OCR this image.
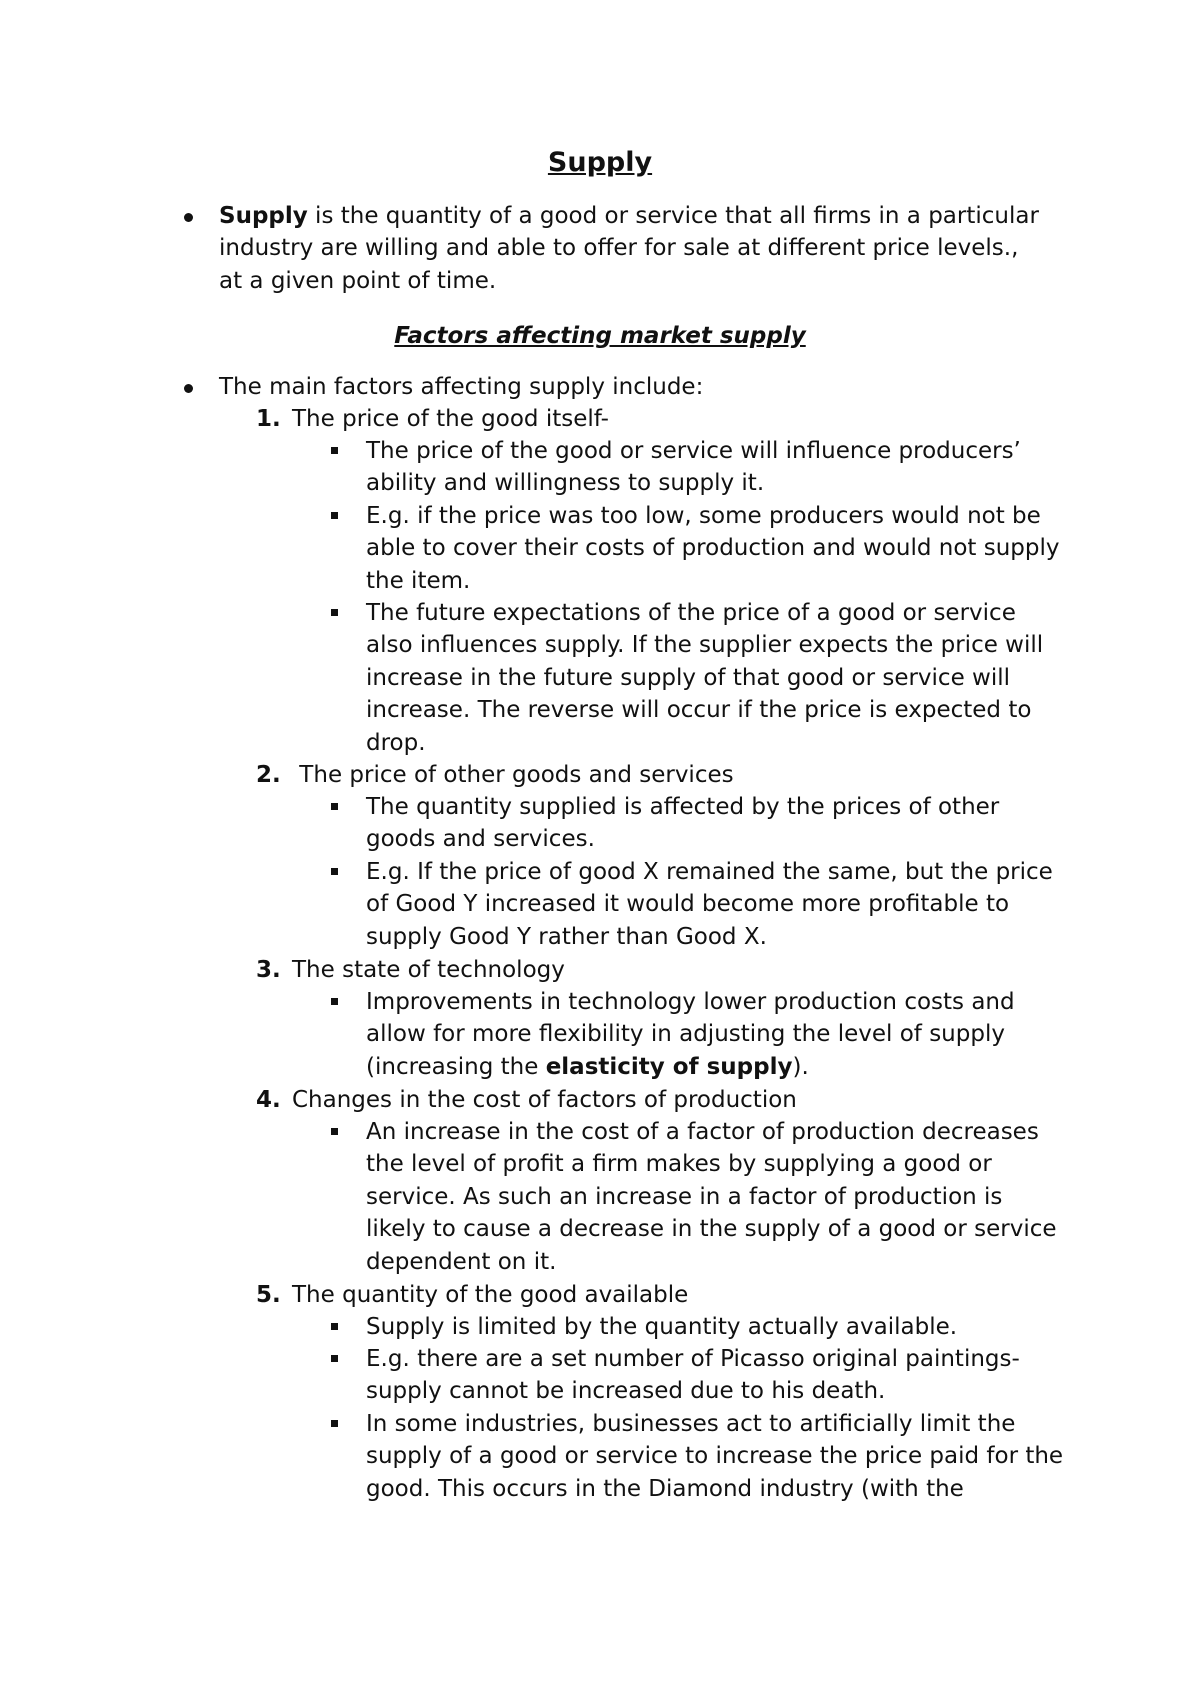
Supply
Supply is the quantity of a good or service that all firms in a particular industry are willing and able to offer for sale at different price levels., at a given point of time.
Factors affecting market supply
The main factors affecting supply include:
1. The price of the good itself-
The price of the good or service will influence producers’ ability and willingness to supply it.
E.g. if the price was too low, some producers would not be able to cover their costs of production and would not supply the item.
The future expectations of the price of a good or service also influences supply. If the supplier expects the price will increase in the future supply of that good or service will increase. The reverse will occur if the price is expected to drop.
2. The price of other goods and services
The quantity supplied is affected by the prices of other goods and services.
E.g. If the price of good X remained the same, but the price of Good Y increased it would become more profitable to supply Good Y rather than Good X.
3. The state of technology
Improvements in technology lower production costs and allow for more flexibility in adjusting the level of supply (increasing the elasticity of supply).
4. Changes in the cost of factors of production
An increase in the cost of a factor of production decreases the level of profit a firm makes by supplying a good or service. As such an increase in a factor of production is likely to cause a decrease in the supply of a good or service dependent on it.
5. The quantity of the good available
Supply is limited by the quantity actually available.
E.g. there are a set number of Picasso original paintings- supply cannot be increased due to his death.
In some industries, businesses act to artificially limit the supply of a good or service to increase the price paid for the good. This occurs in the Diamond industry (with the
